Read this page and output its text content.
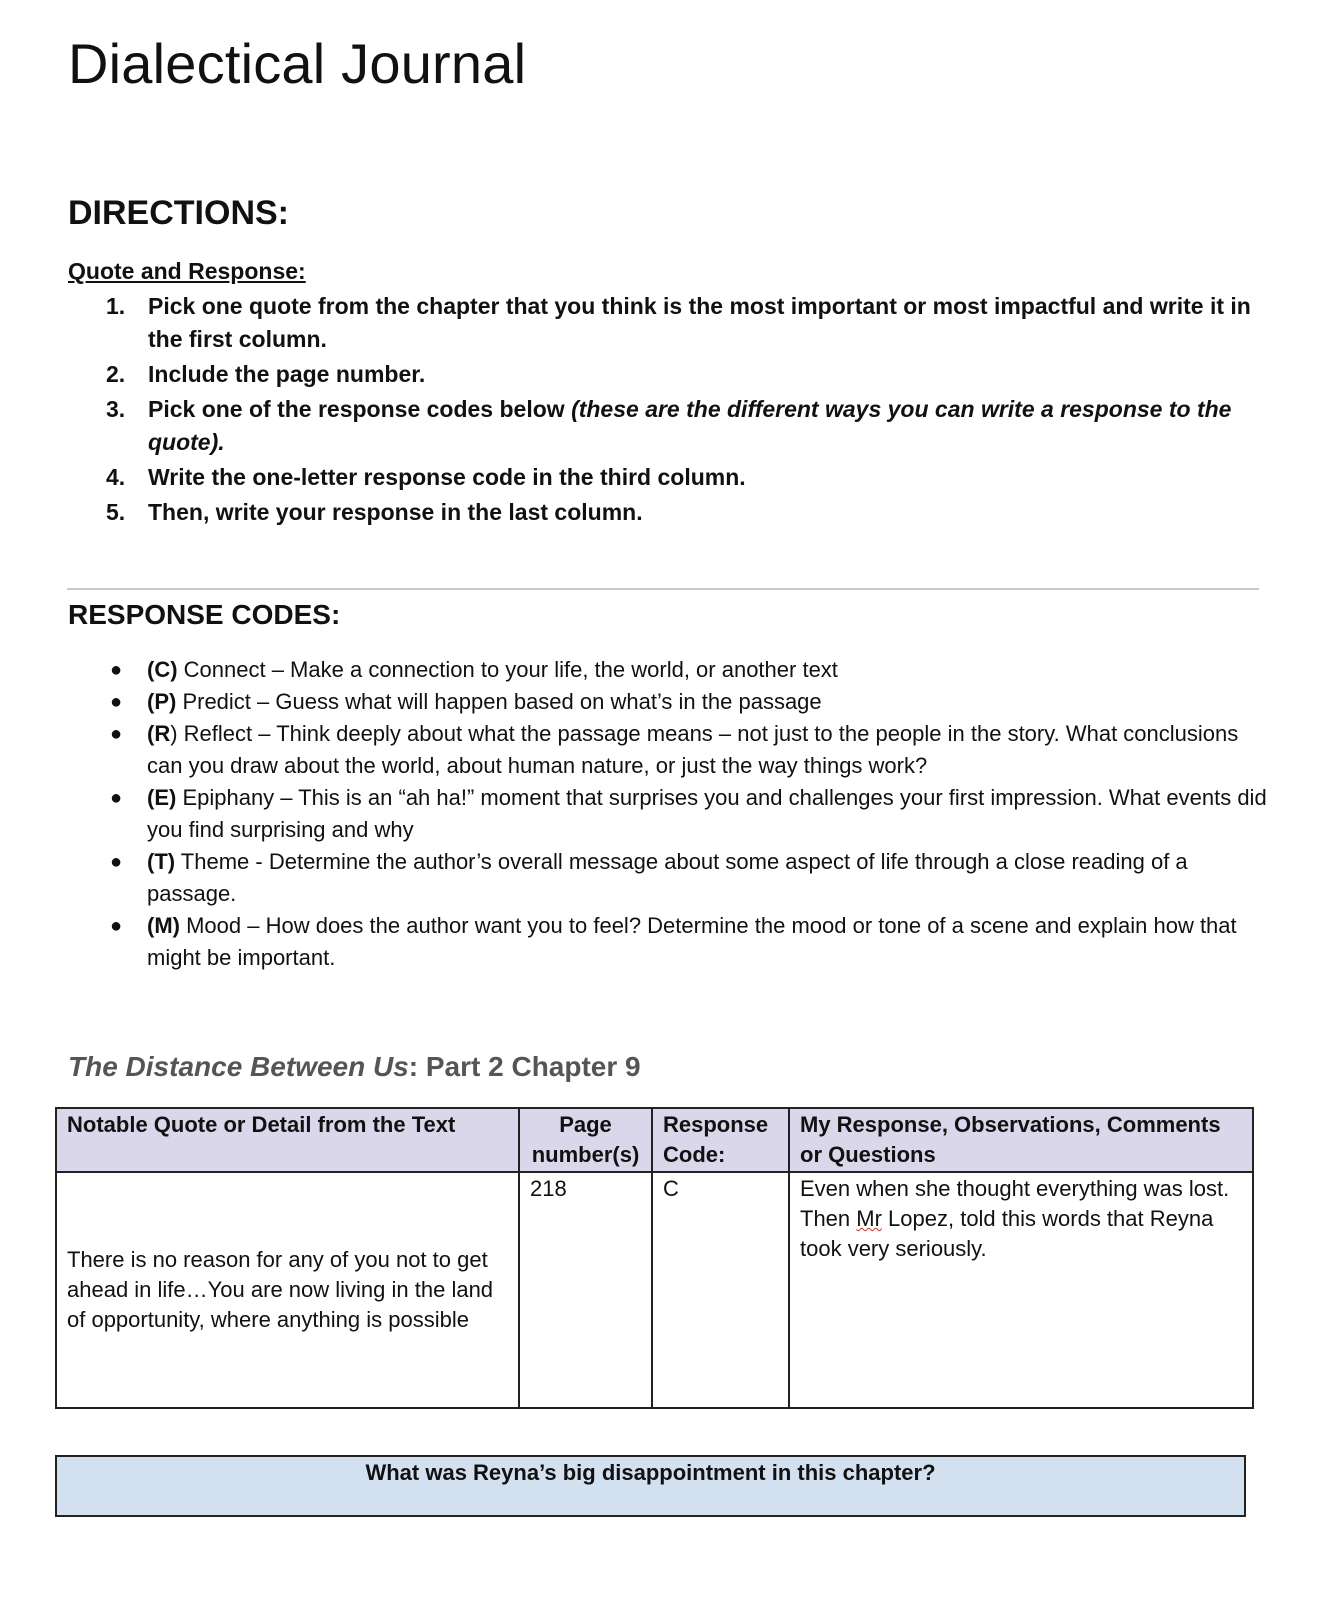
Dialectical Journal
DIRECTIONS:
Quote and Response:
1. Pick one quote from the chapter that you think is the most important or most impactful and write it in the first column.
2. Include the page number.
3. Pick one of the response codes below (these are the different ways you can write a response to the quote).
4. Write the one-letter response code in the third column.
5. Then, write your response in the last column.
RESPONSE CODES:
● (C) Connect – Make a connection to your life, the world, or another text
● (P) Predict – Guess what will happen based on what’s in the passage
● (R) Reflect – Think deeply about what the passage means – not just to the people in the story. What conclusions can you draw about the world, about human nature, or just the way things work?
● (E) Epiphany – This is an “ah ha!” moment that surprises you and challenges your first impression. What events did you find surprising and why
● (T) Theme - Determine the author’s overall message about some aspect of life through a close reading of a passage.
● (M) Mood – How does the author want you to feel? Determine the mood or tone of a scene and explain how that might be important.
The Distance Between Us: Part 2 Chapter 9
Notable Quote or Detail from the Text	Page number(s)	Response Code:	My Response, Observations, Comments or Questions

There is no reason for any of you not to get ahead in life…You are now living in the land of opportunity, where anything is possible	218	C	Even when she thought everything was lost. Then Mr Lopez, told this words that Reyna took very seriously.
What was Reyna’s big disappointment in this chapter?
